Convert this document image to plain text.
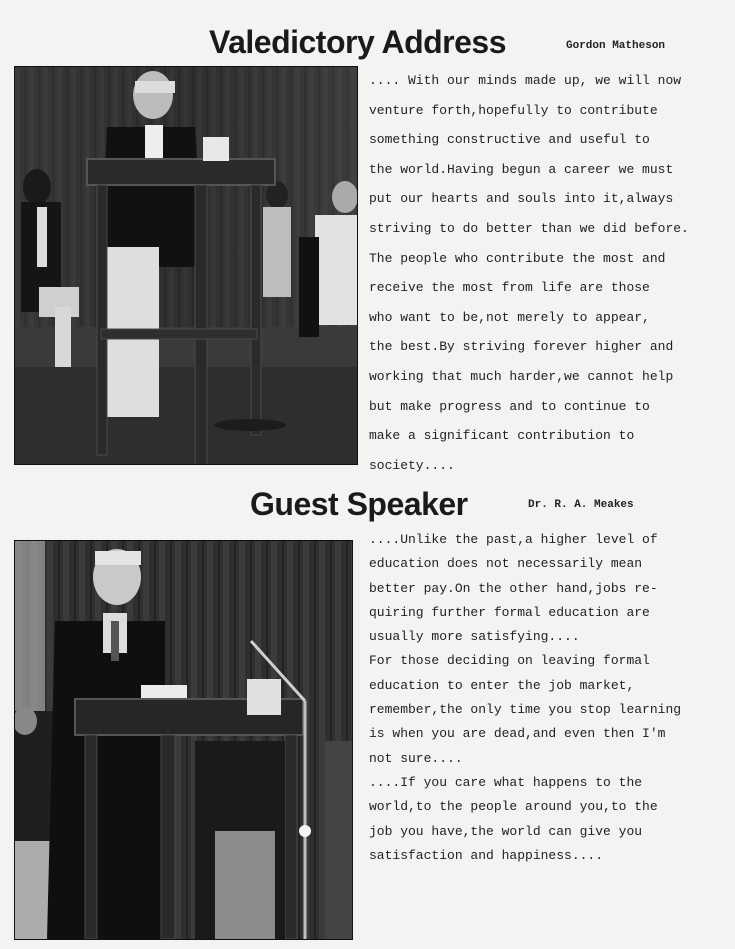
Valedictory Address	Gordon Matheson
.... With our minds made up, we will now
venture forth,hopefully to contribute
something constructive and useful to
the world.Having begun a career we must
put our hearts and souls into it,always
striving to do better than we did before.
The people who contribute the most and
receive the most from life are those
who want to be,not merely to appear,
the best.By striving forever higher and
working that much harder,we cannot help
but make progress and to continue to
make a significant contribution to
society....
Guest Speaker	Dr. R. A. Meakes
....Unlike the past,a higher level of
education does not necessarily mean
better pay.On the other hand,jobs re-
quiring further formal education are
usually more satisfying....
For those deciding on leaving formal
education to enter the job market,
remember,the only time you stop learning
is when you are dead,and even then I'm
not sure....
....If you care what happens to the
world,to the people around you,to the
job you have,the world can give you
satisfaction and happiness....
